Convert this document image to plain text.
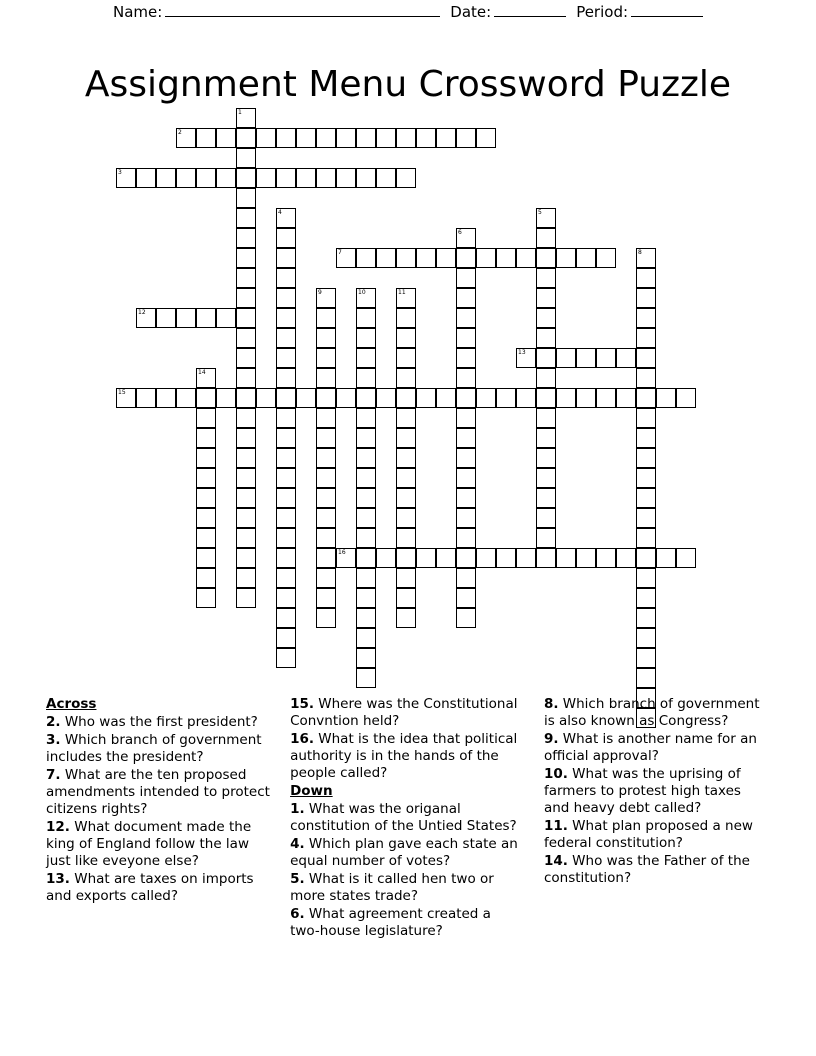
Name:	Date:	Period:
Assignment Menu Crossword Puzzle
1
2
3
4	5
6
7	8
9	10	11
12
13
14
15
16
Across
2. Who was the first president?
3. Which branch of government includes the president?
7. What are the ten proposed amendments intended to protect citizens rights?
12. What document made the king of England follow the law just like eveyone else?
13. What are taxes on imports and exports called?
15. Where was the Constitutional Convntion held?
16. What is the idea that political authority is in the hands of the people called?
Down
1. What was the origanal constitution of the Untied States?
4. Which plan gave each state an equal number of votes?
5. What is it called hen two or more states trade?
6. What agreement created a two-house legislature?
8. Which branch of government is also known as Congress?
9. What is another name for an official approval?
10. What was the uprising of farmers to protest high taxes and heavy debt called?
11. What plan proposed a new federal constitution?
14. Who was the Father of the constitution?
